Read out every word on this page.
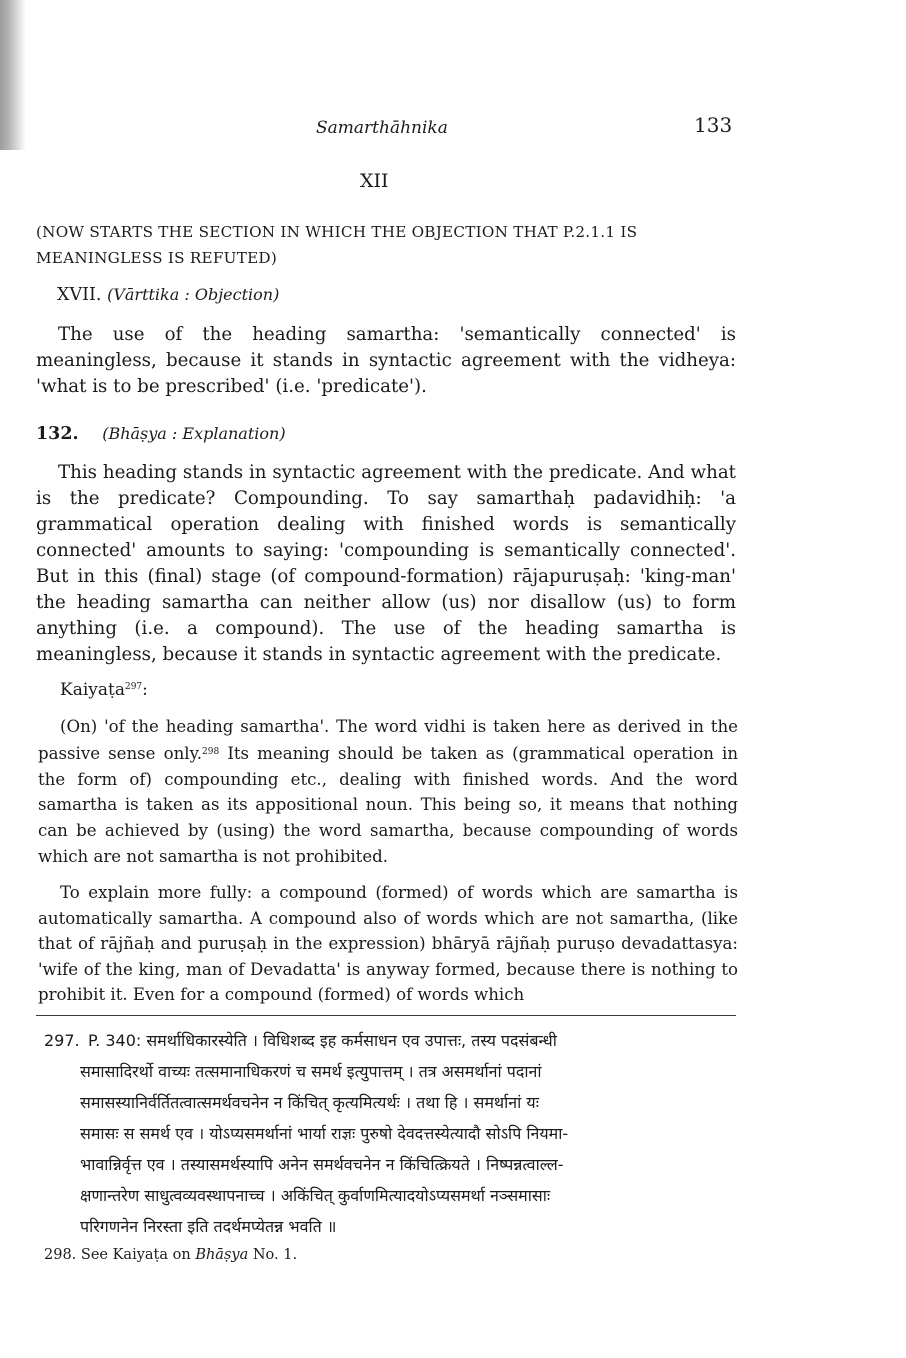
Samarthāhnika	133
XII
(NOW STARTS THE SECTION IN WHICH THE OBJECTION THAT P.2.1.1 IS MEANINGLESS IS REFUTED)
XVII. (Vārttika : Objection)
The use of the heading samartha: 'semantically connected' is meaningless, because it stands in syntactic agreement with the vidheya: 'what is to be prescribed' (i.e. 'predicate').
132. (Bhāṣya : Explanation)
This heading stands in syntactic agreement with the predicate. And what is the predicate? Compounding. To say samarthaḥ padavidhiḥ: 'a grammatical operation dealing with finished words is semantically connected' amounts to saying: 'compounding is semantically connected'. But in this (final) stage (of compound-formation) rājapuruṣaḥ: 'king-man' the heading samartha can neither allow (us) nor disallow (us) to form anything (i.e. a compound). The use of the heading samartha is meaningless, because it stands in syntactic agreement with the predicate.
Kaiyaṭa$^{297}$:
(On) 'of the heading samartha'. The word vidhi is taken here as derived in the passive sense only.$^{298}$ Its meaning should be taken as (grammatical operation in the form of) compounding etc., dealing with finished words. And the word samartha is taken as its appositional noun. This being so, it means that nothing can be achieved by (using) the word samartha, because compounding of words which are not samartha is not prohibited.
To explain more fully: a compound (formed) of words which are samartha is automatically samartha. A compound also of words which are not samartha, (like that of rājñaḥ and puruṣaḥ in the expression) bhāryā rājñaḥ puruṣo devadattasya: 'wife of the king, man of Devadatta' is anyway formed, because there is nothing to prohibit it. Even for a compound (formed) of words which
297. P. 340: समर्थाधिकारस्येति । विधिशब्द इह कर्मसाधन एव उपात्तः, तस्य पदसंबन्धी
समासादिरर्थो वाच्यः तत्समानाधिकरणं च समर्थ इत्युपात्तम् । तत्र असमर्थानां पदानां
समासस्यानिर्वर्तितत्वात्समर्थवचनेन न किंचित् कृत्यमित्यर्थः । तथा हि । समर्थानां यः
समासः स समर्थ एव । योऽप्यसमर्थानां भार्या राज्ञः पुरुषो देवदत्तस्येत्यादौ सोऽपि नियमा-
भावान्निर्वृत्त एव । तस्यासमर्थस्यापि अनेन समर्थवचनेन न किंचित्क्रियते । निष्पन्नत्वाल्ल-
क्षणान्तरेण साधुत्वव्यवस्थापनाच्च । अकिंचित् कुर्वाणमित्यादयोऽप्यसमर्था नञ्समासाः
परिगणनेन निरस्ता इति तदर्थमप्येतन्न भवति ॥
298. See Kaiyaṭa on Bhāṣya No. 1.
